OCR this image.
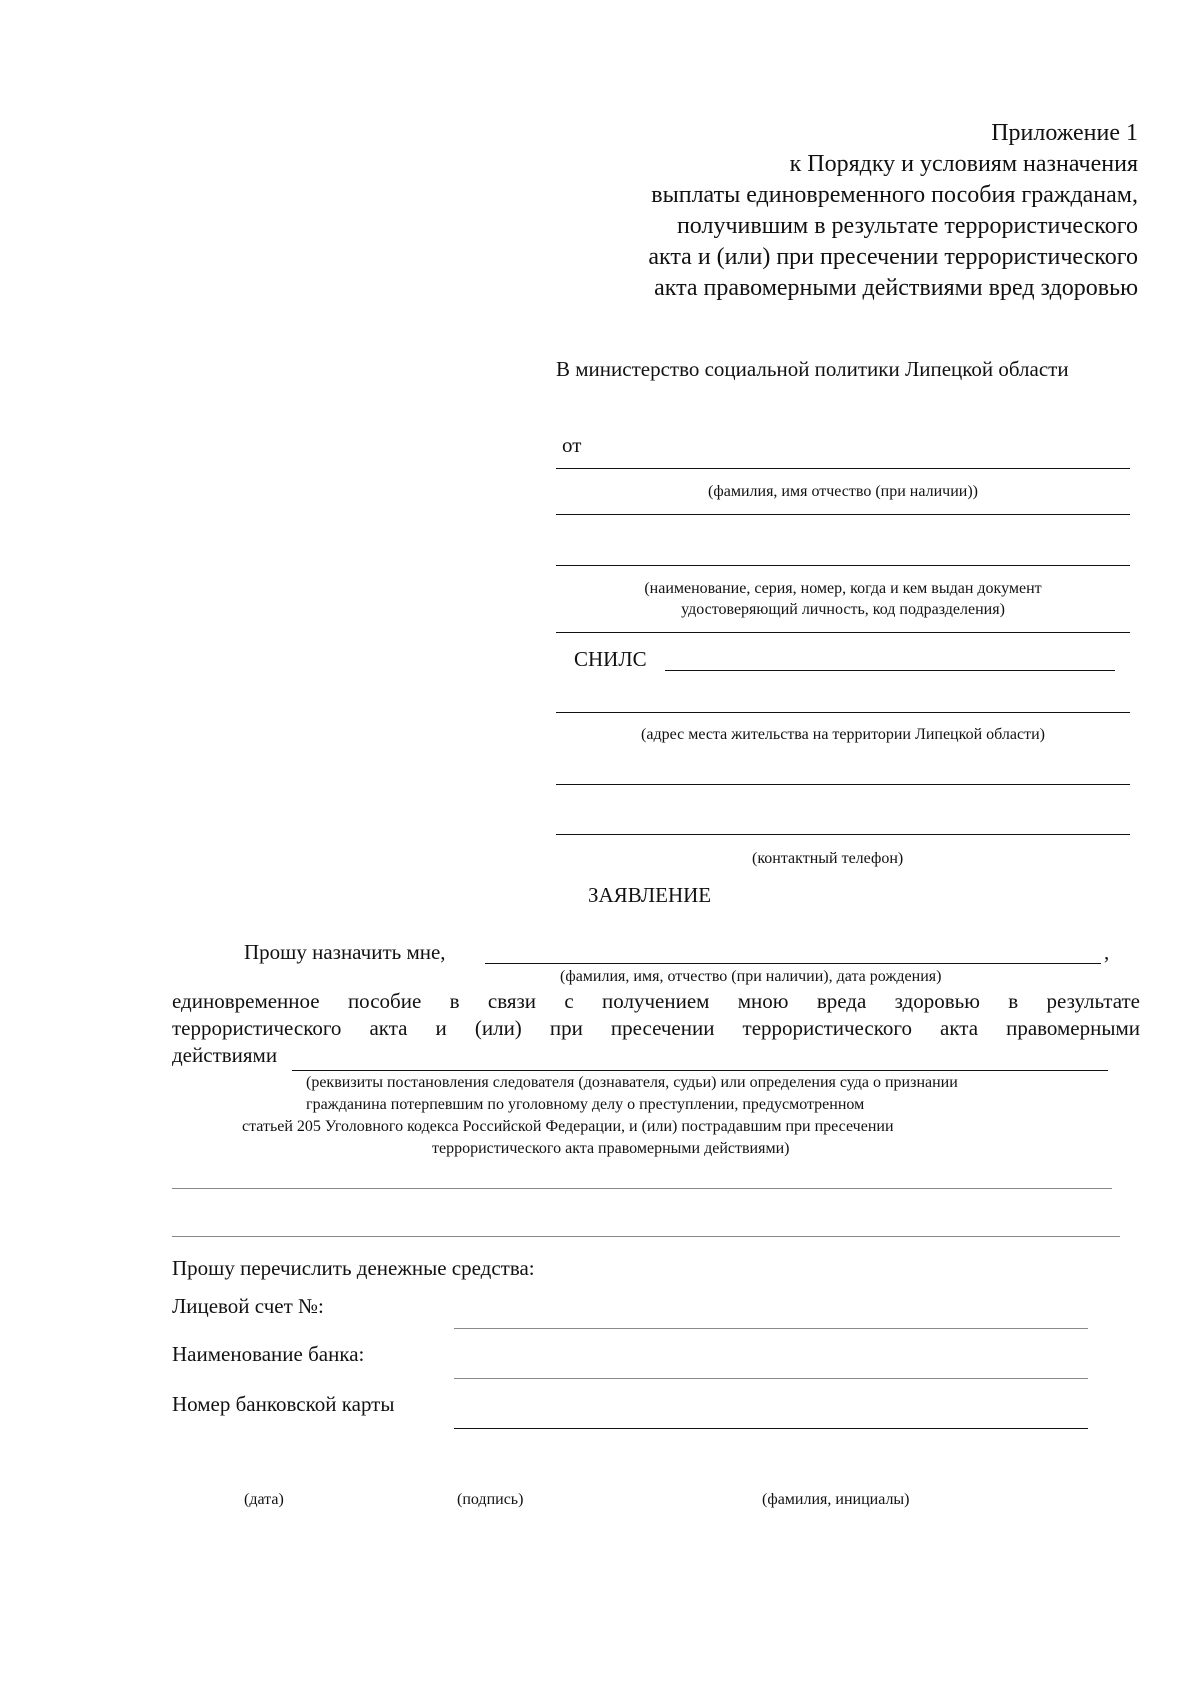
Приложение 1
к Порядку и условиям назначения
выплаты единовременного пособия гражданам,
получившим в результате террористического
акта и (или) при пресечении террористического
акта правомерными действиями вред здоровью
В министерство социальной политики Липецкой области
от
(фамилия, имя отчество (при наличии))
(наименование, серия, номер, когда и кем выдан документ
удостоверяющий личность, код подразделения)
СНИЛС
(адрес места жительства на территории Липецкой области)
(контактный телефон)
ЗАЯВЛЕНИЕ
Прошу назначить мне,	,
(фамилия, имя, отчество (при наличии), дата рождения)
единовременное пособие в связи с получением мною вреда здоровью в результате
террористического акта и (или) при пресечении террористического акта правомерными
действиями
(реквизиты постановления следователя (дознавателя, судьи) или определения суда о признании
гражданина потерпевшим по уголовному делу о преступлении, предусмотренном
статьей 205 Уголовного кодекса Российской Федерации, и (или) пострадавшим при пресечении
террористического акта правомерными действиями)
Прошу перечислить денежные средства:
Лицевой счет №:
Наименование банка:
Номер банковской карты
(дата)	(подпись)	(фамилия, инициалы)
